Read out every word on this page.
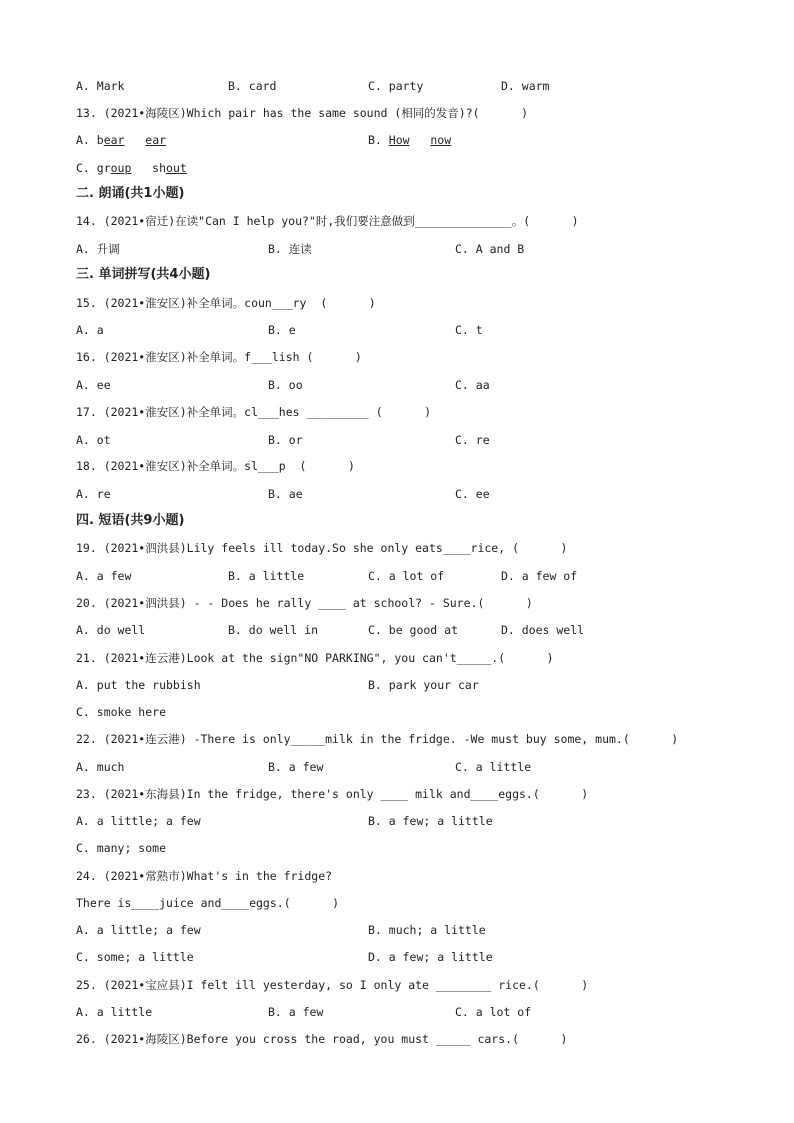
A. Mark	B. card	C. party	D. warm
13. (2021•海陵区)Which pair has the same sound (相同的发音)?(      )
A. bear ear	B. How now
C. group   shout
二. 朗诵(共1小题)
14. (2021•宿迁)在读"Can I help you?"时,我们要注意做到______________。(      )
A. 升调	B. 连读	C. A and B
三. 单词拼写(共4小题)
15. (2021•淮安区)补全单词。coun___ry  (      )
A. a	B. e	C. t
16. (2021•淮安区)补全单词。f___lish (      )
A. ee	B. oo	C. aa
17. (2021•淮安区)补全单词。cl___hes _________ (      )
A. ot	B. or	C. re
18. (2021•淮安区)补全单词。sl___p  (      )
A. re	B. ae	C. ee
四. 短语(共9小题)
19. (2021•泗洪县)Lily feels ill today.So she only eats____rice, (      )
A. a few	B. a little	C. a lot of	D. a few of
20. (2021•泗洪县) - - Does he rally ____ at school? - Sure.(      )
A. do well	B. do well in	C. be good at	D. does well
21. (2021•连云港)Look at the sign"NO PARKING", you can't_____.(      )
A. put the rubbish	B. park your car
C. smoke here
22. (2021•连云港) -There is only_____milk in the fridge. -We must buy some, mum.(      )
A. much	B. a few	C. a little
23. (2021•东海县)In the fridge, there's only ____ milk and____eggs.(      )
A. a little; a few	B. a few; a little
C. many; some
24. (2021•常熟市)What's in the fridge?
There is____juice and____eggs.(      )
A. a little; a few	B. much; a little
C. some; a little	D. a few; a little
25. (2021•宝应县)I felt ill yesterday, so I only ate ________ rice.(      )
A. a little	B. a few	C. a lot of
26. (2021•海陵区)Before you cross the road, you must _____ cars.(      )
